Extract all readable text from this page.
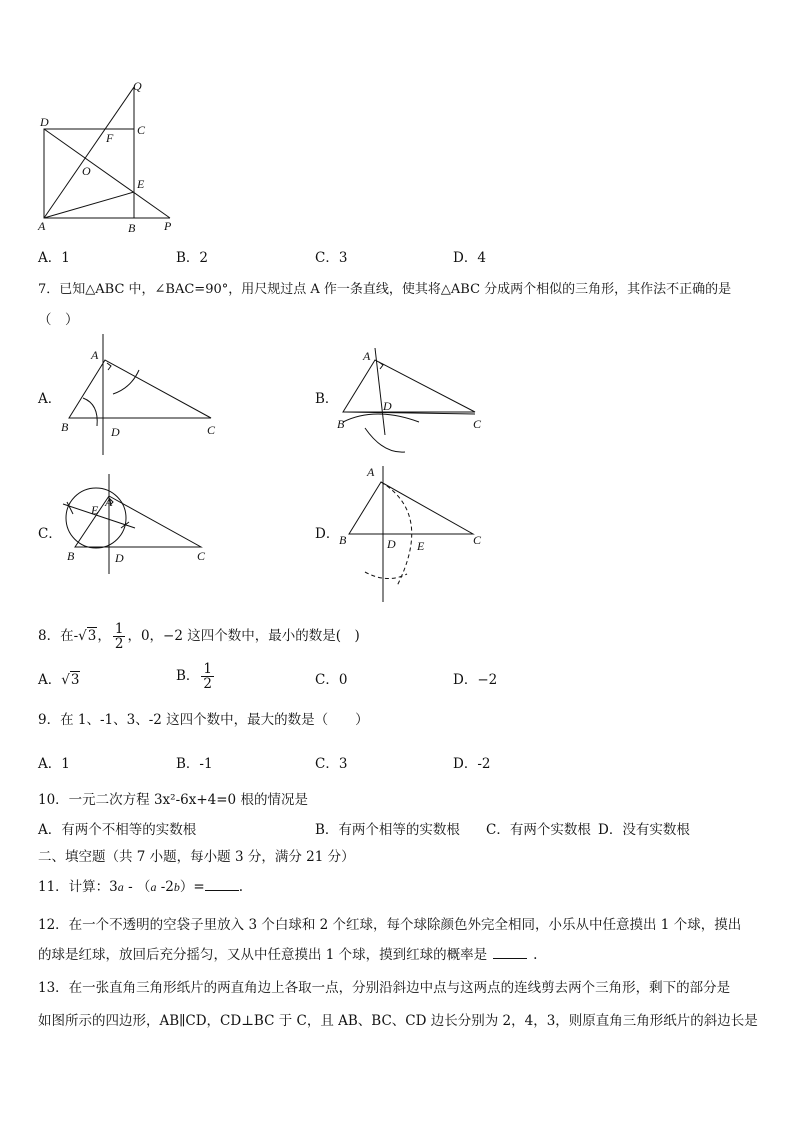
Q
D
C
F
O
E
A	B P
A．1	B．2	C．3	D．4
7．已知△ABC 中，∠BAC=90°，用尺规过点 A 作一条直线，使其将△ABC 分成两个相似的三角形，其作法不正确的是
（　）
A．	B．
C．	D．
A
B	D	C
A
B
D
C
A
E
B	D	C
A
B	D E	C
8．在-√3， $\frac{1}{2}$ ，0，−2 这四个数中，最小的数是(　)
A．√3	B． $\frac{1}{2}$	C．0	D．−2
9．在 1、-1、3、-2 这四个数中，最大的数是（　　）
A．1	B．-1	C．3	D．-2
10．一元二次方程 3x²-6x+4=0 根的情况是
A．有两个不相等的实数根	B．有两个相等的实数根 C．有两个实数根 D．没有实数根
二、填空题（共 7 小题，每小题 3 分，满分 21 分）
11．计算：3a - （a -2b）=	.
12．在一个不透明的空袋子里放入 3 个白球和 2 个红球，每个球除颜色外完全相同，小乐从中任意摸出 1 个球，摸出
的球是红球，放回后充分摇匀，又从中任意摸出 1 个球，摸到红球的概率是	.
13．在一张直角三角形纸片的两直角边上各取一点，分别沿斜边中点与这两点的连线剪去两个三角形，剩下的部分是
如图所示的四边形，AB∥CD，CD⊥BC 于 C，且 AB、BC、CD 边长分别为 2，4，3，则原直角三角形纸片的斜边长是
